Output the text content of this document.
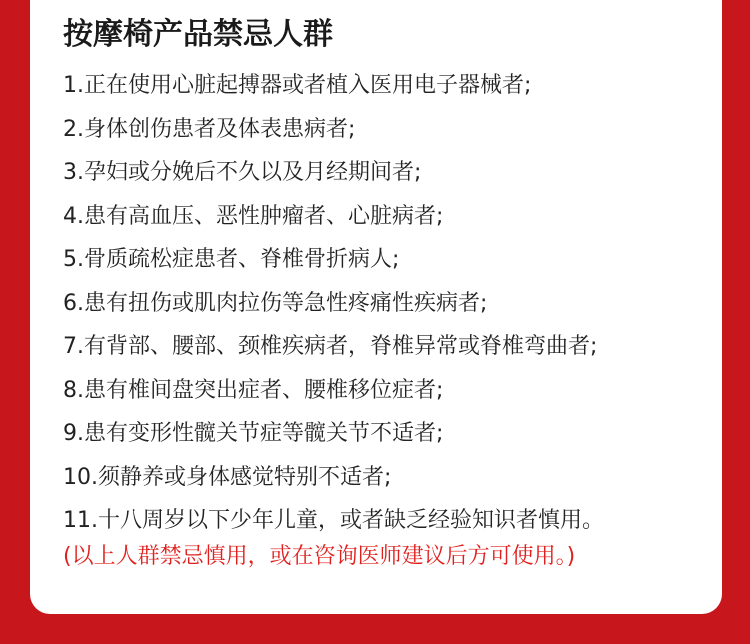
按摩椅产品禁忌人群
1.正在使用心脏起搏器或者植入医用电子器械者;
2.身体创伤患者及体表患病者;
3.孕妇或分娩后不久以及月经期间者;
4.患有高血压、恶性肿瘤者、心脏病者;
5.骨质疏松症患者、脊椎骨折病人;
6.患有扭伤或肌肉拉伤等急性疼痛性疾病者;
7.有背部、腰部、颈椎疾病者，脊椎异常或脊椎弯曲者;
8.患有椎间盘突出症者、腰椎移位症者;
9.患有变形性髋关节症等髋关节不适者;
10.须静养或身体感觉特别不适者;
11.十八周岁以下少年儿童，或者缺乏经验知识者慎用。

(以上人群禁忌慎用，或在咨询医师建议后方可使用。)
